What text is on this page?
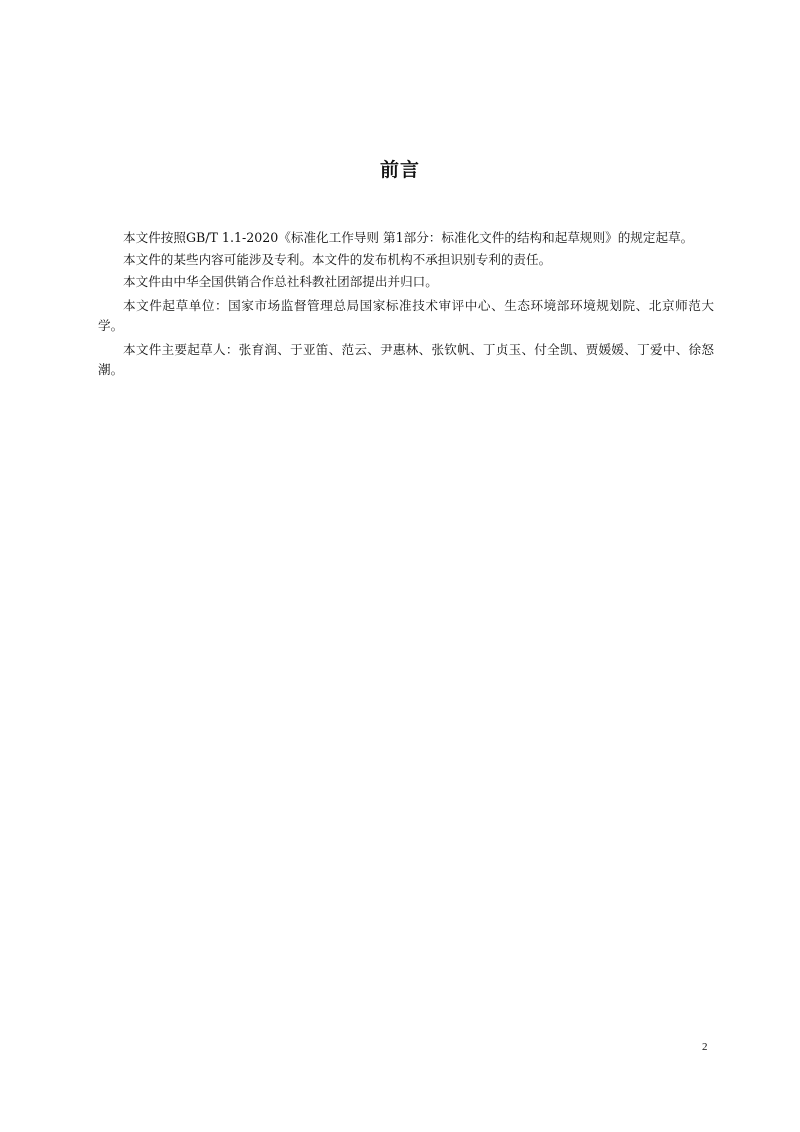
前言

本文件按照GB/T 1.1-2020《标准化工作导则 第1部分：标准化文件的结构和起草规则》的规定起草。

本文件的某些内容可能涉及专利。本文件的发布机构不承担识别专利的责任。

本文件由中华全国供销合作总社科教社团部提出并归口。

本文件起草单位：国家市场监督管理总局国家标准技术审评中心、生态环境部环境规划院、北京师范大学。

本文件主要起草人：张育润、于亚笛、范云、尹惠林、张钦帆、丁贞玉、付全凯、贾媛媛、丁爱中、徐怒潮。

2
